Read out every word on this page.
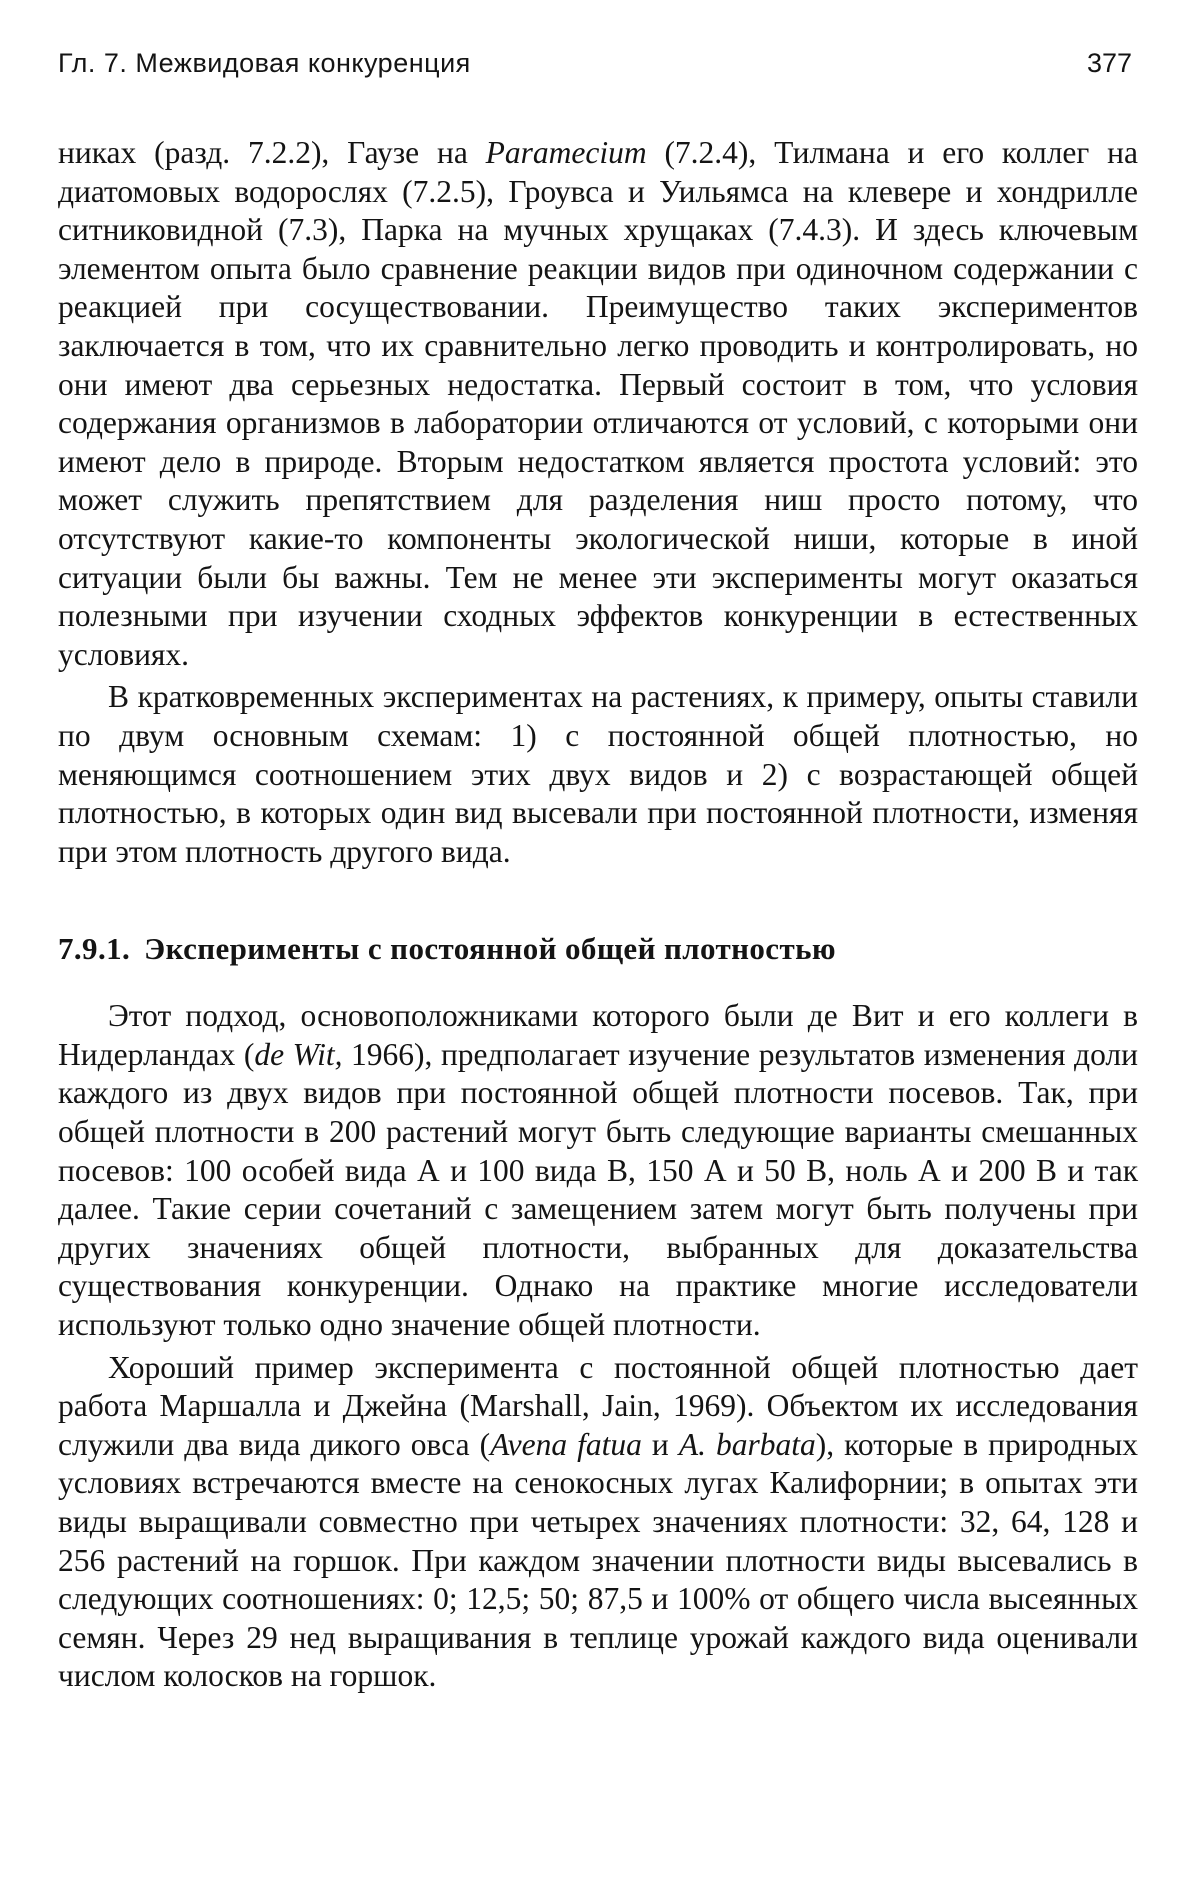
Гл. 7. Межвидовая конкуренция	377

никах (разд. 7.2.2), Гаузе на Paramecium (7.2.4), Тилмана и его коллег на диатомовых водорослях (7.2.5), Гроувса и Уильямса на клевере и хондрилле ситниковидной (7.3), Парка на мучных хрущаках (7.4.3). И здесь ключевым элементом опыта было сравнение реакции видов при одиночном содержании с реакцией при сосуществовании. Преимущество таких экспериментов заключается в том, что их сравнительно легко проводить и контролировать, но они имеют два серьезных недостатка. Первый состоит в том, что условия содержания организмов в лаборатории отличаются от условий, с которыми они имеют дело в природе. Вторым недостатком является простота условий: это может служить препятствием для разделения ниш просто потому, что отсутствуют какие-то компоненты экологической ниши, которые в иной ситуации были бы важны. Тем не менее эти эксперименты могут оказаться полезными при изучении сходных эффектов конкуренции в естественных условиях.

В кратковременных экспериментах на растениях, к примеру, опыты ставили по двум основным схемам: 1) с постоянной общей плотностью, но меняющимся соотношением этих двух видов и 2) с возрастающей общей плотностью, в которых один вид высевали при постоянной плотности, изменяя при этом плотность другого вида.

7.9.1. Эксперименты с постоянной общей плотностью

Этот подход, основоположниками которого были де Вит и его коллеги в Нидерландах (de Wit, 1966), предполагает изучение результатов изменения доли каждого из двух видов при постоянной общей плотности посевов. Так, при общей плотности в 200 растений могут быть следующие варианты смешанных посевов: 100 особей вида А и 100 вида В, 150 А и 50 В, ноль А и 200 В и так далее. Такие серии сочетаний с замещением затем могут быть получены при других значениях общей плотности, выбранных для доказательства существования конкуренции. Однако на практике многие исследователи используют только одно значение общей плотности.

Хороший пример эксперимента с постоянной общей плотностью дает работа Маршалла и Джейна (Marshall, Jain, 1969). Объектом их исследования служили два вида дикого овса (Avena fatua и A. barbata), которые в природных условиях встречаются вместе на сенокосных лугах Калифорнии; в опытах эти виды выращивали совместно при четырех значениях плотности: 32, 64, 128 и 256 растений на горшок. При каждом значении плотности виды высевались в следующих соотношениях: 0; 12,5; 50; 87,5 и 100% от общего числа высеянных семян. Через 29 нед выращивания в теплице урожай каждого вида оценивали числом колосков на горшок.
